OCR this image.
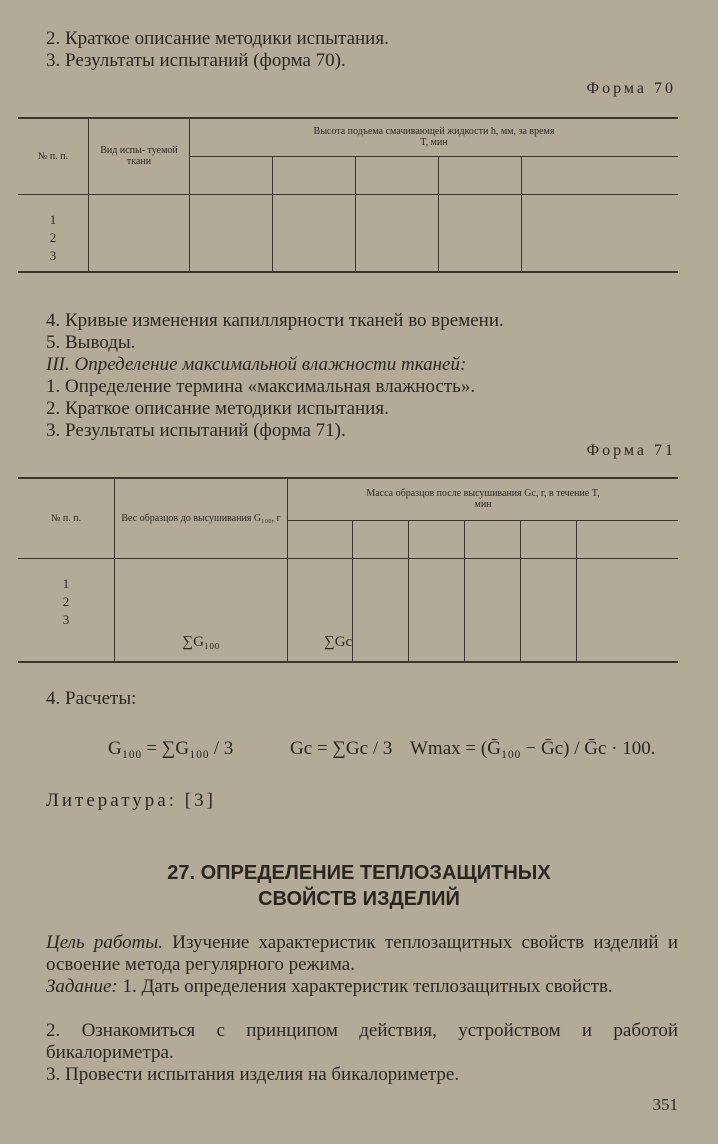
2. Краткое описание методики испытания.
3. Результаты испытаний (форма 70).
Форма 70
№ п. п.	Вид испы- туемой ткани	Высота подъема смачивающей жидкости h, мм, за время T, мин				

1
2
3						

4. Кривые изменения капиллярности тканей во времени.
5. Выводы.
III. Определение максимальной влажности тканей:
1. Определение термина «максимальная влажность».
2. Краткое описание методики испытания.
3. Результаты испытаний (форма 71).
Форма 71
№ п. п.	Вес образцов до высушивания G₁₀₀, г	Масса образцов после высушивания Gc, г, в течение T, мин					

1
2
3	∑G₁₀₀	∑Gc					
4. Расчеты:
G₁₀₀ = ∑G₁₀₀ / 3	Gc = ∑Gc / 3 Wmax = (Ḡ₁₀₀ − Ḡc) / Ḡc · 100.
Литература: [3]
27. ОПРЕДЕЛЕНИЕ ТЕПЛОЗАЩИТНЫХ
СВОЙСТВ ИЗДЕЛИЙ
Цель работы. Изучение характеристик теплозащитных свойств изделий и освоение метода регулярного режима.
Задание: 1. Дать определения характеристик теплозащитных свойств.
2. Ознакомиться с принципом действия, устройством и работой бикалориметра.
3. Провести испытания изделия на бикалориметре.
351
